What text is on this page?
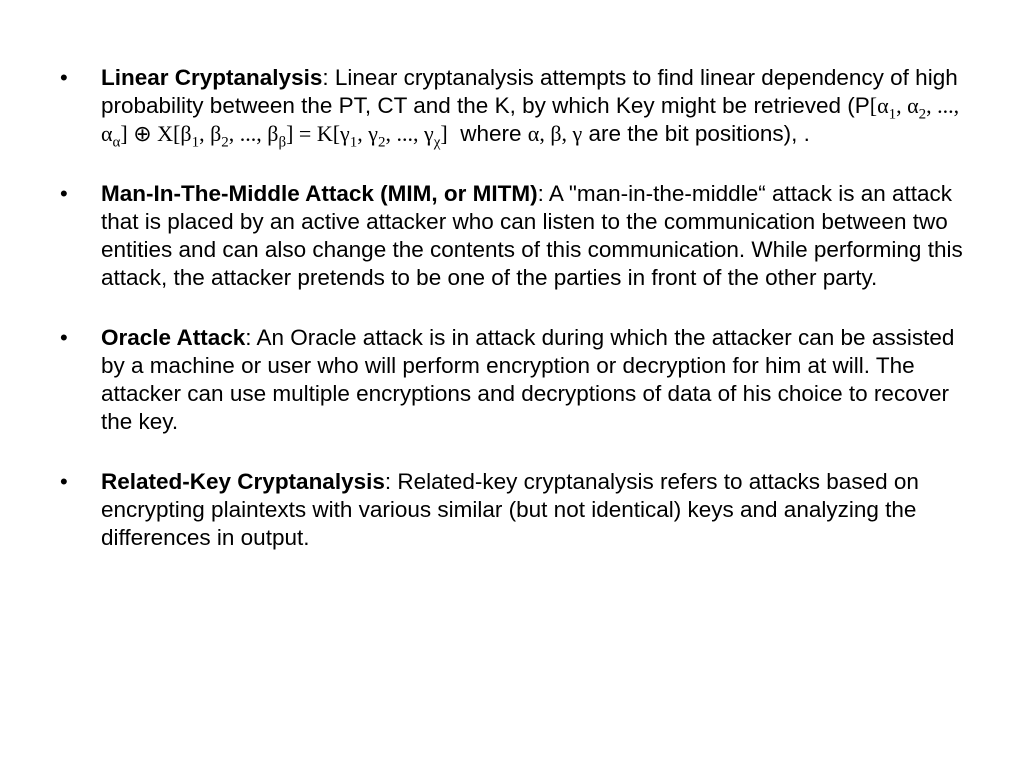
• Linear Cryptanalysis: Linear cryptanalysis attempts to find linear dependency of high probability between the PT, CT and the K, by which Key might be retrieved ($P[\alpha_1$, $\alpha_2$, ..., $\alpha_\alpha$] ⊕ $X[\beta_1$, $\beta_2$, ..., $\beta_\beta] = K[\gamma_1$, $\gamma_2$, ..., $\gamma_\chi$]  where α, β, γ are the bit positions), .
• Man-In-The-Middle Attack (MIM, or MITM): A "man-in-the-middle“ attack is an attack that is placed by an active attacker who can listen to the communication between two entities and can also change the contents of this communication. While performing this attack, the attacker pretends to be one of the parties in front of the other party.
• Oracle Attack: An Oracle attack is in attack during which the attacker can be assisted by a machine or user who will perform encryption or decryption for him at will. The attacker can use multiple encryptions and decryptions of data of his choice to recover the key.
• Related-Key Cryptanalysis: Related-key cryptanalysis refers to attacks based on encrypting plaintexts with various similar (but not identical) keys and analyzing the differences in output.
